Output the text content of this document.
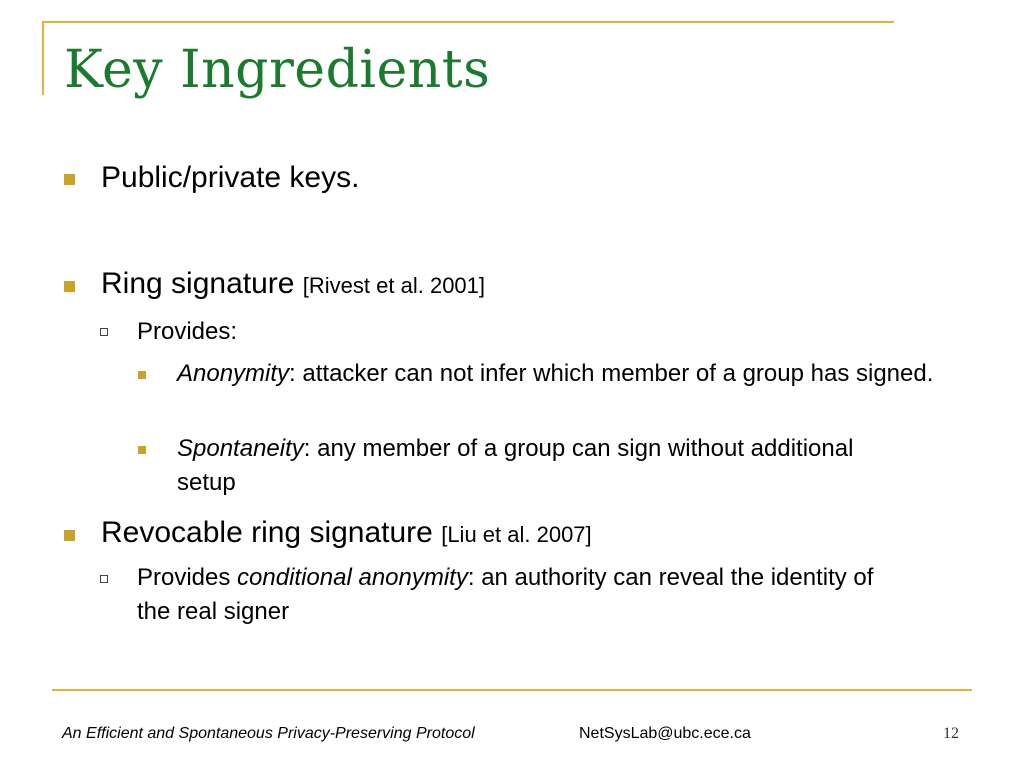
Key Ingredients
Public/private keys.
Ring signature [Rivest et al. 2001]
Provides:
Anonymity: attacker can not infer which member of a group has signed.
Spontaneity: any member of a group can sign without additional setup
Revocable ring signature [Liu et al. 2007]
Provides conditional anonymity: an authority can reveal the identity of the real signer
An Efficient and Spontaneous Privacy-Preserving Protocol	NetSysLab@ubc.ece.ca	12
